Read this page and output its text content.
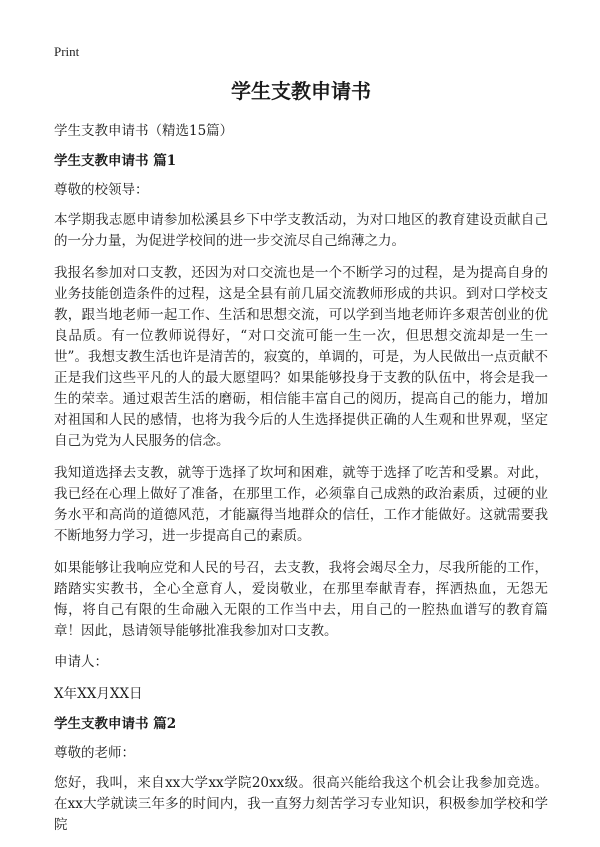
Print
学生支教申请书
学生支教申请书（精选15篇）
学生支教申请书 篇1
尊敬的校领导：

本学期我志愿申请参加松溪县乡下中学支教活动，为对口地区的教育建设贡献自己的一分力量，为促进学校间的进一步交流尽自己绵薄之力。

我报名参加对口支教，还因为对口交流也是一个不断学习的过程，是为提高自身的业务技能创造条件的过程，这是全县有前几届交流教师形成的共识。到对口学校支教，跟当地老师一起工作、生活和思想交流，可以学到当地老师许多艰苦创业的优良品质。有一位教师说得好，“对口交流可能一生一次，但思想交流却是一生一世”。我想支教生活也许是清苦的，寂寞的，单调的，可是，为人民做出一点贡献不正是我们这些平凡的人的最大愿望吗？如果能够投身于支教的队伍中，将会是我一生的荣幸。通过艰苦生活的磨砺，相信能丰富自己的阅历，提高自己的能力，增加对祖国和人民的感情，也将为我今后的人生选择提供正确的人生观和世界观，坚定自己为党为人民服务的信念。

我知道选择去支教，就等于选择了坎坷和困难，就等于选择了吃苦和受累。对此，我已经在心理上做好了准备，在那里工作，必须靠自己成熟的政治素质，过硬的业务水平和高尚的道德风范，才能赢得当地群众的信任，工作才能做好。这就需要我不断地努力学习，进一步提高自己的素质。

如果能够让我响应党和人民的号召，去支教，我将会竭尽全力，尽我所能的工作，踏踏实实教书，全心全意育人，爱岗敬业，在那里奉献青春，挥洒热血，无怨无悔，将自己有限的生命融入无限的工作当中去，用自己的一腔热血谱写的教育篇章！因此，恳请领导能够批准我参加对口支教。

申请人：
X年XX月XX日
学生支教申请书 篇2
尊敬的老师：

您好，我叫，来自xx大学xx学院20xx级。很高兴能给我这个机会让我参加竞选。在xx大学就读三年多的时间内，我一直努力刻苦学习专业知识，积极参加学校和学院
